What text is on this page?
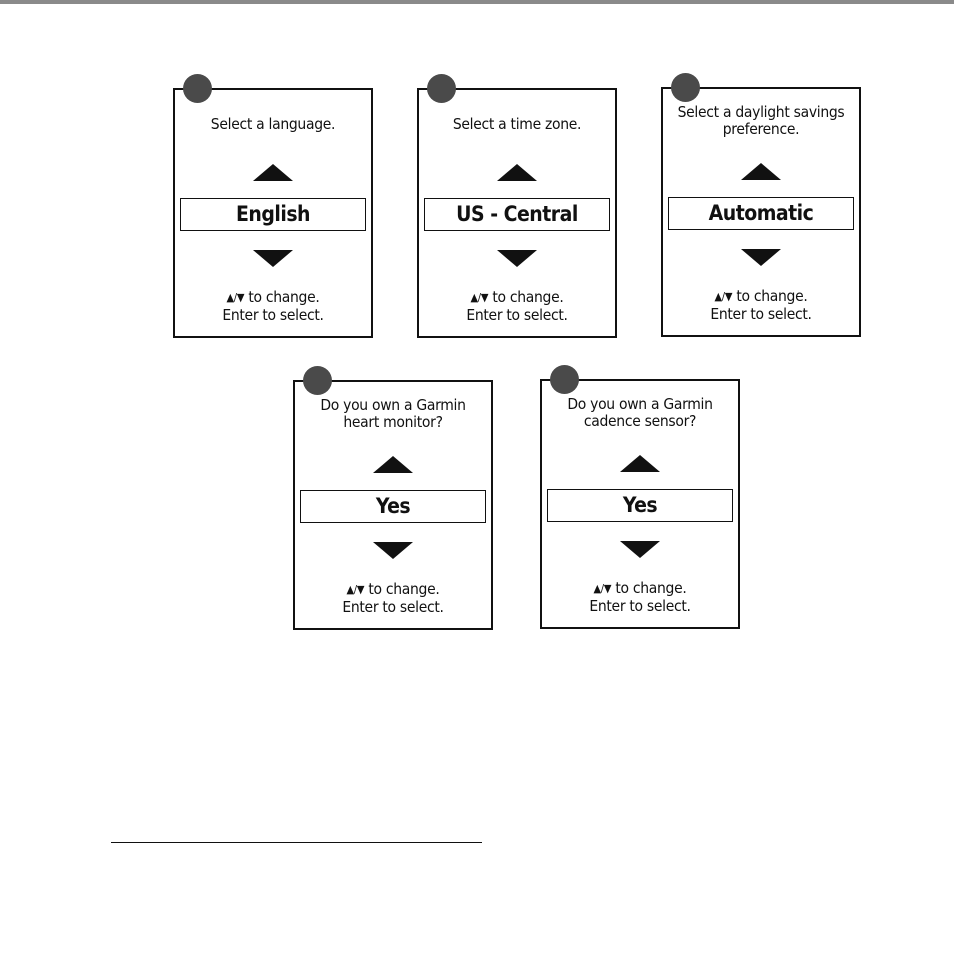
Select a language.
English
▲/▼ to change.
Enter to select.
Select a time zone.
US - Central
▲/▼ to change.
Enter to select.
Select a daylight savings
preference.
Automatic
▲/▼ to change.
Enter to select.
Do you own a Garmin
heart monitor?
Yes
▲/▼ to change.
Enter to select.
Do you own a Garmin
cadence sensor?
Yes
▲/▼ to change.
Enter to select.
